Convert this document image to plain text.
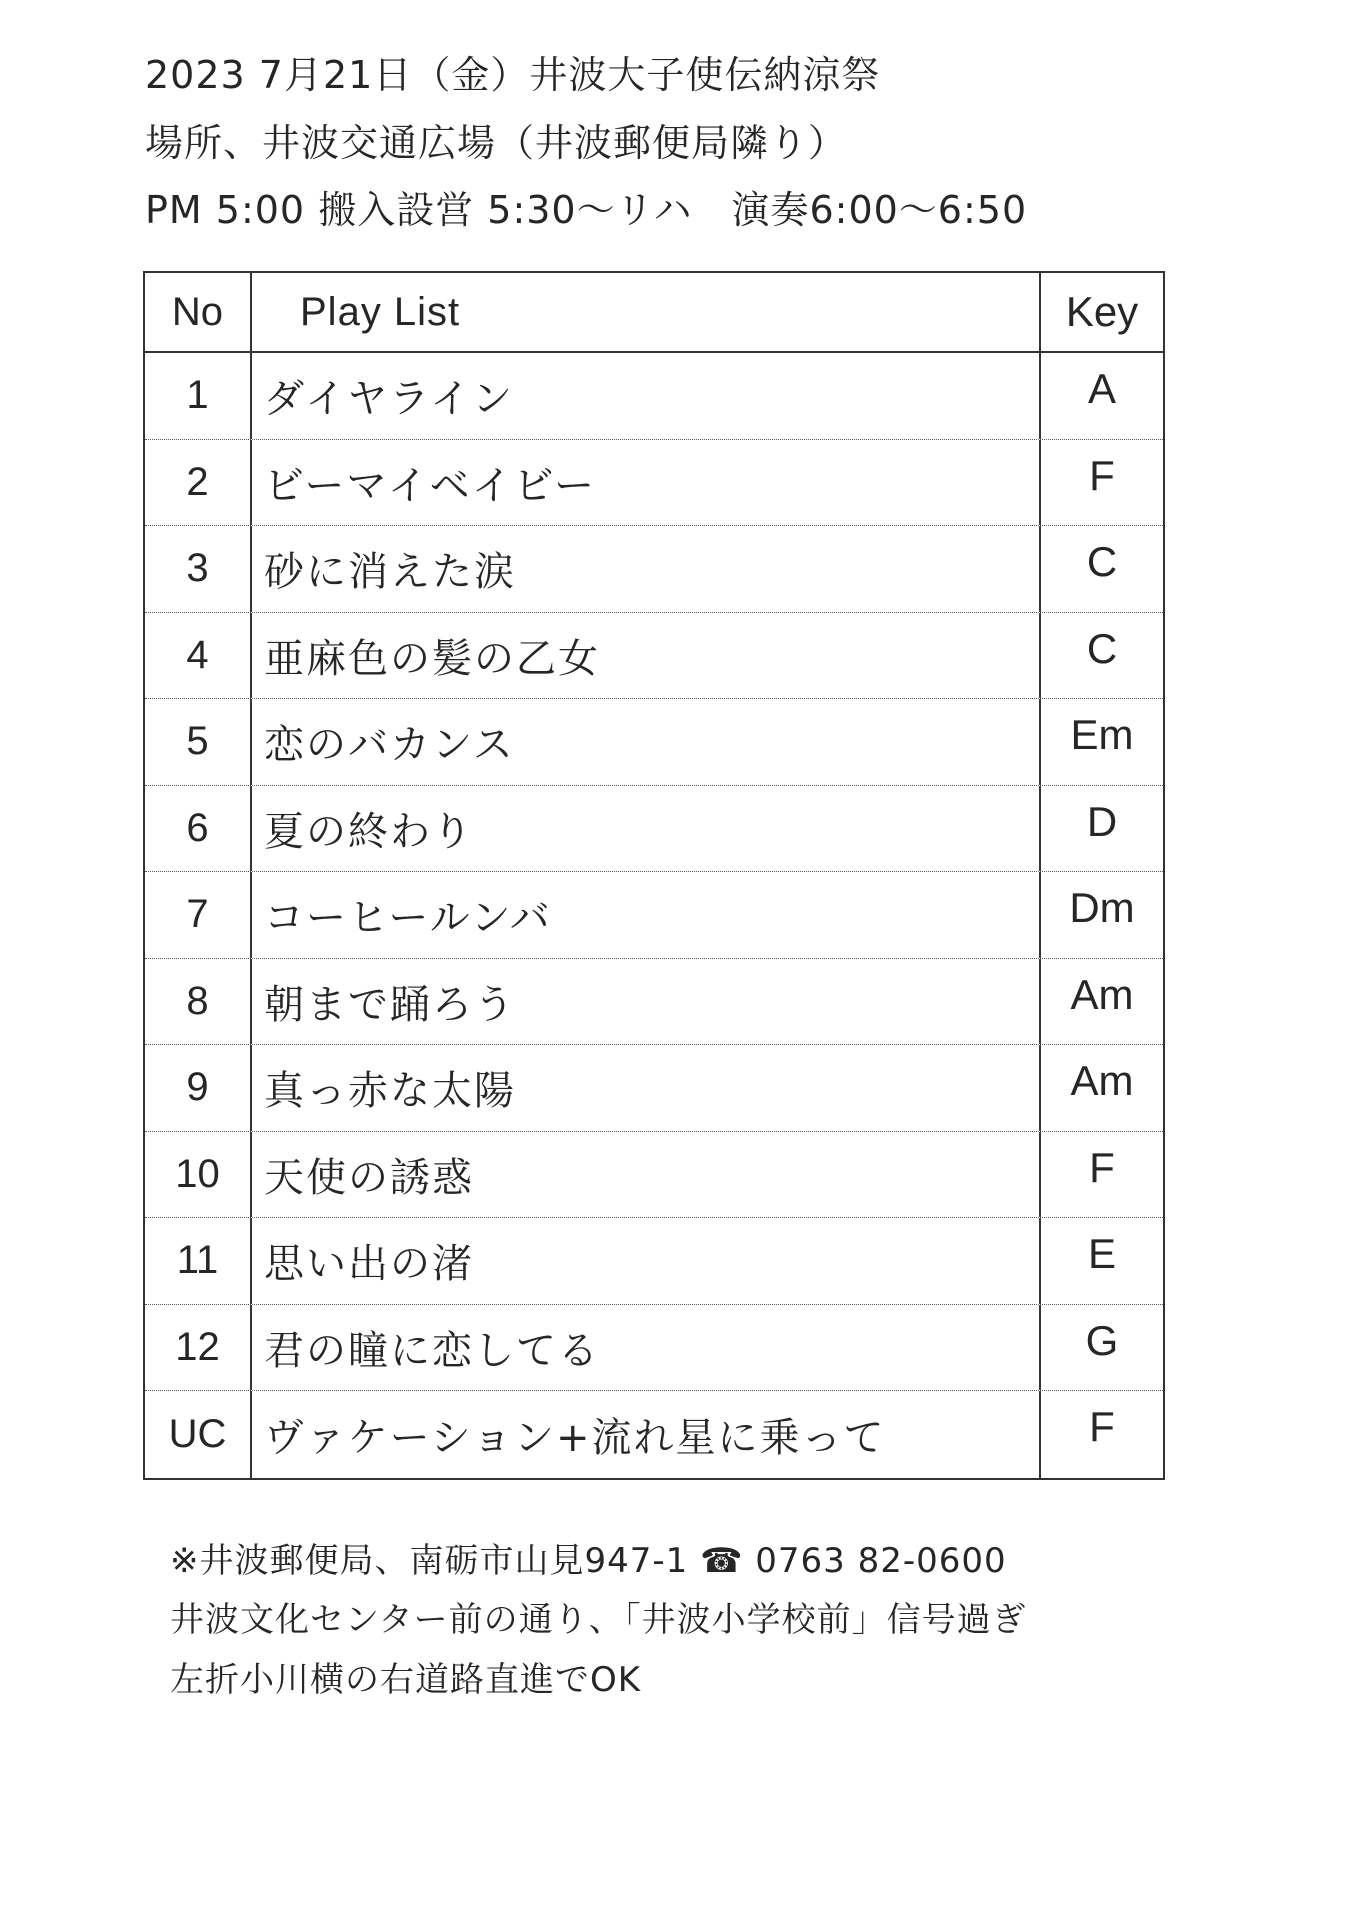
2023 7月21日（金）井波大子使伝納涼祭
場所、井波交通広場（井波郵便局隣り）
PM 5:00 搬入設営 5:30〜リハ　演奏6:00〜6:50
No	Play List	Key
1	ダイヤライン	A
2	ビーマイベイビー	F
3	砂に消えた涙	C
4	亜麻色の髪の乙女	C
5	恋のバカンス	Em
6	夏の終わり	D
7	コーヒールンバ	Dm
8	朝まで踊ろう	Am
9	真っ赤な太陽	Am
10	天使の誘惑	F
11	思い出の渚	E
12	君の瞳に恋してる	G
UC ヴァケーション+流れ星に乗って	F
※井波郵便局、南砺市山見947-1 ☎ 0763 82-0600
井波文化センター前の通り、「井波小学校前」信号過ぎ
左折小川横の右道路直進でOK
